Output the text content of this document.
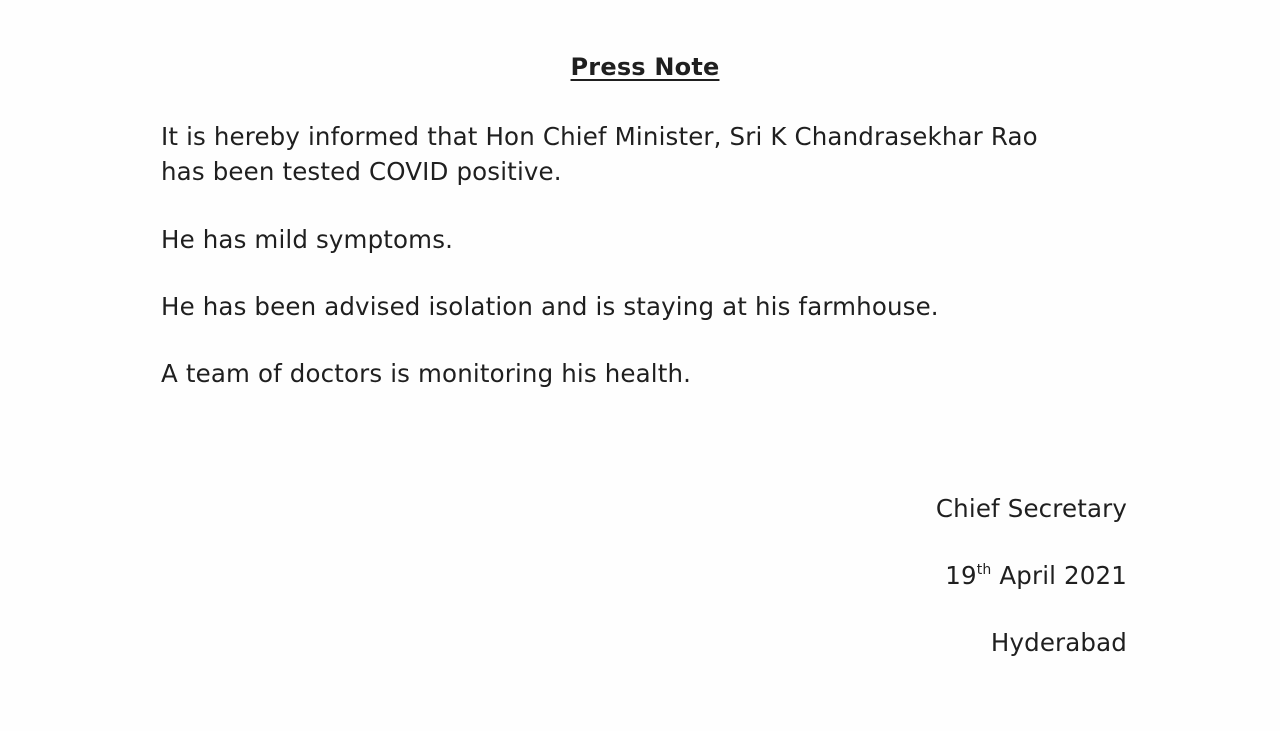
Press Note

It is hereby informed that Hon Chief Minister, Sri K Chandrasekhar Rao
has been tested COVID positive.

He has mild symptoms.

He has been advised isolation and is staying at his farmhouse.

A team of doctors is monitoring his health.

Chief Secretary
19th April 2021
Hyderabad
